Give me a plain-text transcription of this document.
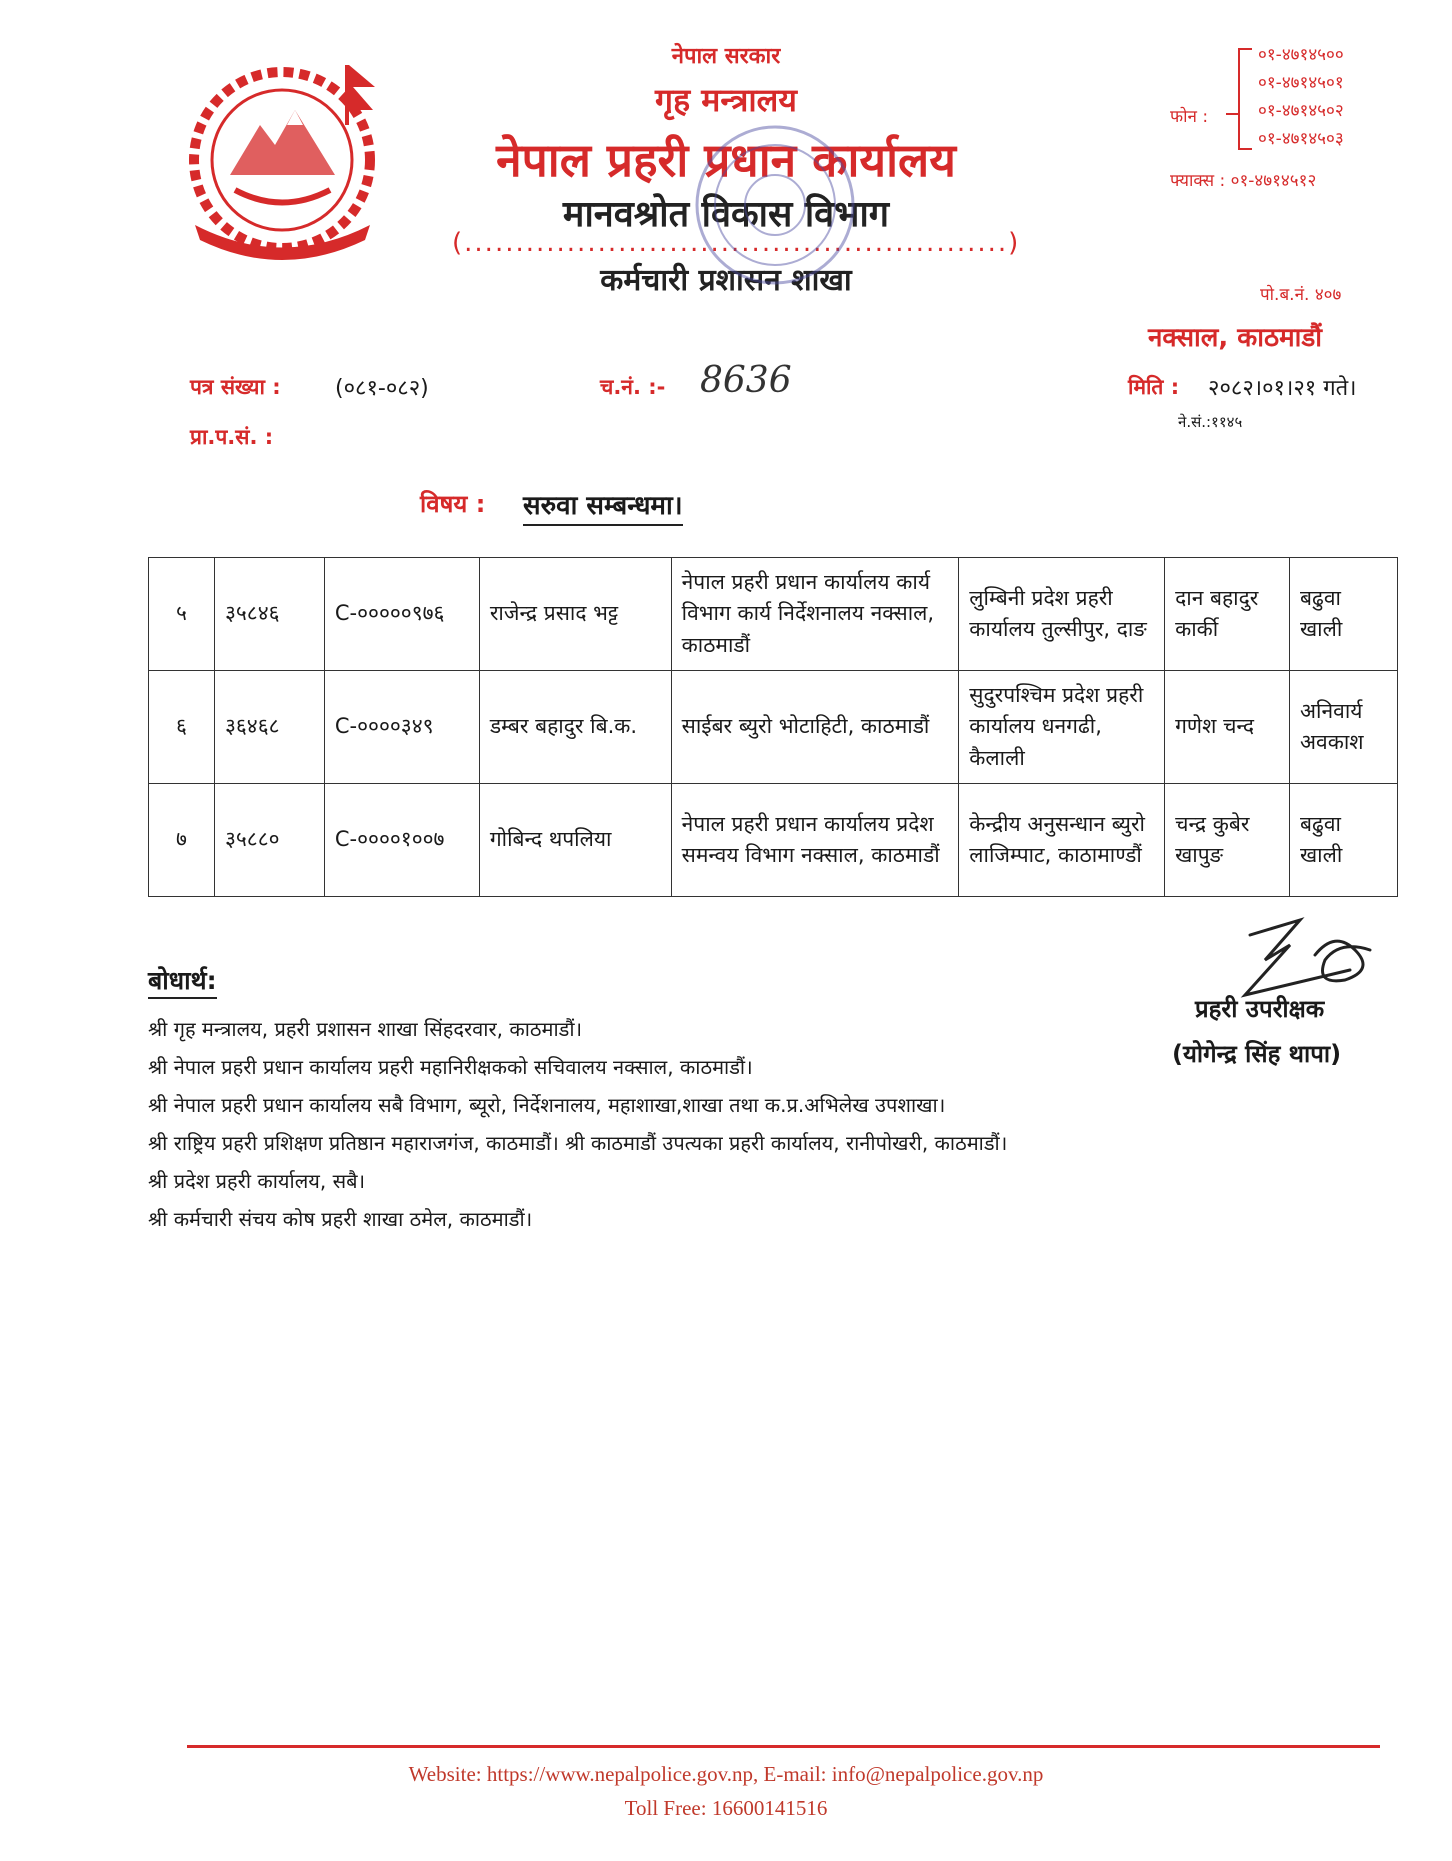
नेपाल सरकार
गृह मन्त्रालय
नेपाल प्रहरी प्रधान कार्यालय
मानवश्रोत विकास विभाग
(.....................................................)
कर्मचारी प्रशासन शाखा
फोन :
०१-४७१४५००
०१-४७१४५०१
०१-४७१४५०२
०१-४७१४५०३
फ्याक्स : ०१-४७१४५१२
पो.ब.नं. ४०७
नक्साल, काठमाडौं
पत्र संख्या : (०८१-०८२)	च.नं. :- 8636	मिति : २०८२।०१।२१ गते।
ने.सं.:११४५
प्रा.प.सं. :
विषय : सरुवा सम्बन्धमा।
५	३५८४६	C-०००००९७६	राजेन्द्र प्रसाद भट्ट	नेपाल प्रहरी प्रधान कार्यालय कार्य विभाग कार्य निर्देशनालय नक्साल, काठमाडौं	लुम्बिनी प्रदेश प्रहरी कार्यालय तुल्सीपुर, दाङ	दान बहादुर कार्की	बढुवा खाली
६	३६४६८	C-००००३४९	डम्बर बहादुर बि.क.	साईबर ब्युरो भोटाहिटी, काठमाडौं	सुदुरपश्चिम प्रदेश प्रहरी कार्यालय धनगढी, कैलाली	गणेश चन्द	अनिवार्य अवकाश
७	३५८८०	C-००००१००७	गोबिन्द थपलिया	नेपाल प्रहरी प्रधान कार्यालय प्रदेश समन्वय विभाग नक्साल, काठमाडौं	केन्द्रीय अनुसन्धान ब्युरो लाजिम्पाट, काठामाण्डौं	चन्द्र कुबेर खापुङ	बढुवा खाली
प्रहरी उपरीक्षक
(योगेन्द्र सिंह थापा)
बोधार्थ:
श्री गृह मन्त्रालय, प्रहरी प्रशासन शाखा सिंहदरवार, काठमाडौं।
श्री नेपाल प्रहरी प्रधान कार्यालय प्रहरी महानिरीक्षकको सचिवालय नक्साल, काठमाडौं।
श्री नेपाल प्रहरी प्रधान कार्यालय सबै विभाग, ब्यूरो, निर्देशनालय, महाशाखा,शाखा तथा क.प्र.अभिलेख उपशाखा।
श्री राष्ट्रिय प्रहरी प्रशिक्षण प्रतिष्ठान महाराजगंज, काठमाडौं। श्री काठमाडौं उपत्यका प्रहरी कार्यालय, रानीपोखरी, काठमाडौं।
श्री प्रदेश प्रहरी कार्यालय, सबै।
श्री कर्मचारी संचय कोष प्रहरी शाखा ठमेल, काठमाडौं।
Website: https://www.nepalpolice.gov.np, E-mail: info@nepalpolice.gov.np
Toll Free: 16600141516
